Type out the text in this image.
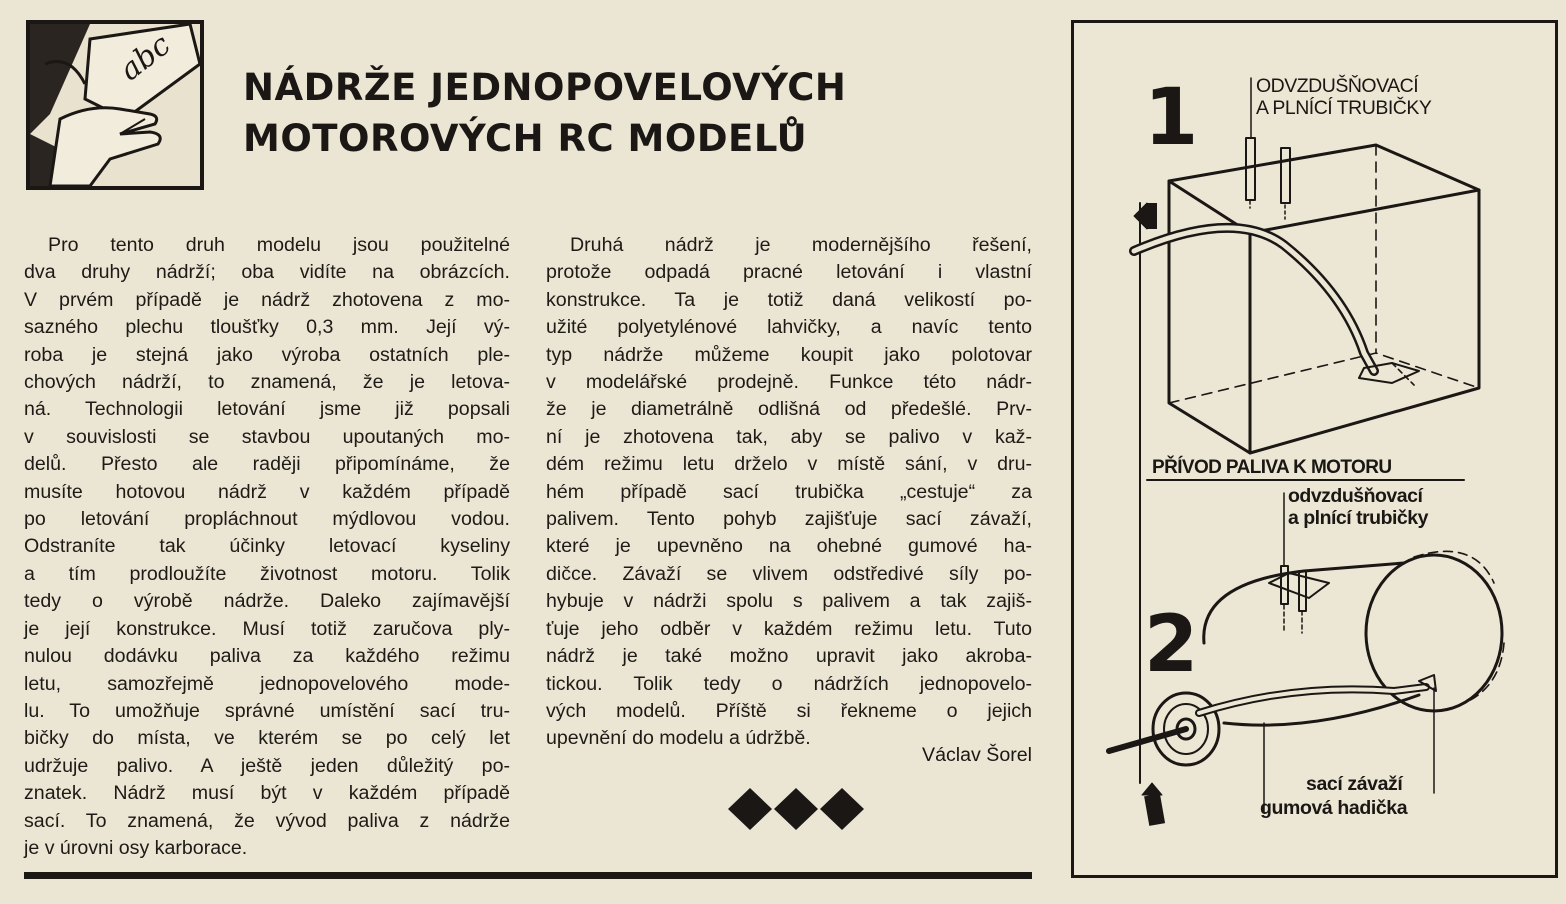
abc NÁDRŽE JEDNOPOVELOVÝCH
MOTOROVÝCH RC MODELŮ
Pro tento druh modelu jsou použitelné
dva druhy nádrží; oba vidíte na obrázcích.
V prvém případě je nádrž zhotovena z mo-
sazného plechu tloušťky 0,3 mm. Její vý-
roba je stejná jako výroba ostatních ple-
chových nádrží, to znamená, že je letova-
ná. Technologii letování jsme již popsali
v souvislosti se stavbou upoutaných mo-
delů. Přesto ale raději připomínáme, že
musíte hotovou nádrž v každém případě
po letování propláchnout mýdlovou vodou.
Odstraníte tak účinky letovací kyseliny
a tím prodloužíte životnost motoru. Tolik
tedy o výrobě nádrže. Daleko zajímavější
je její konstrukce. Musí totiž zaručova ply-
nulou dodávku paliva za každého režimu
letu, samozřejmě jednopovelového mode-
lu. To umožňuje správné umístění sací tru-
bičky do místa, ve kterém se po celý let
udržuje palivo. A ještě jeden důležitý po-
znatek. Nádrž musí být v každém případě
sací. To znamená, že vývod paliva z nádrže
je v úrovni osy karborace.
Druhá nádrž je modernějšího řešení,
protože odpadá pracné letování i vlastní
konstrukce. Ta je totiž daná velikostí po-
užité polyetylénové lahvičky, a navíc tento
typ nádrže můžeme koupit jako polotovar
v modelářské prodejně. Funkce této nádr-
že je diametrálně odlišná od předešlé. Prv-
ní je zhotovena tak, aby se palivo v kaž-
dém režimu letu drželo v místě sání, v dru-
hém případě sací trubička „cestuje“ za
palivem. Tento pohyb zajišťuje sací závaží,
které je upevněno na ohebné gumové ha-
dičce. Závaží se vlivem odstředivé síly po-
hybuje v nádrži spolu s palivem a tak zajiš-
ťuje jeho odběr v každém režimu letu. Tuto
nádrž je také možno upravit jako akroba-
tickou. Tolik tedy o nádržích jednopovelo-
vých modelů. Příště si řekneme o jejich
upevnění do modelu a údržbě.
Václav Šorel
1
2
ODVZDUŠŇOVACÍ
A PLNÍCÍ TRUBIČKY
PŘÍVOD PALIVA K MOTORU
odvzdušňovací
a plnící trubičky
sací závaží
gumová hadička
